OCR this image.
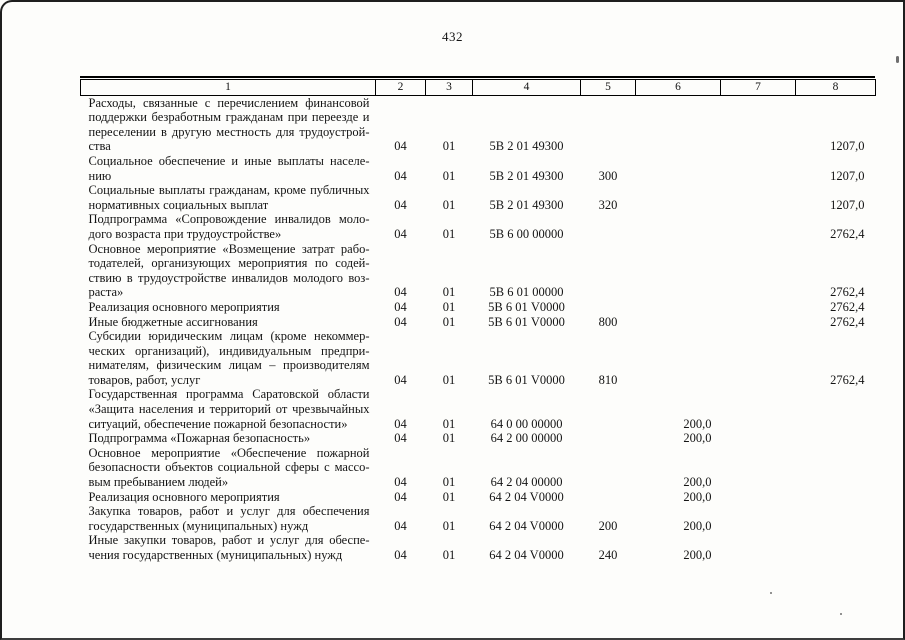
432
1	2	3	4	5	6	7	8
Расходы, связанные с перечислением финансовой поддержки безработным гражданам при переезде и переселении в другую местность для трудоустройства	04	01	5В 2 01 49300				1207,0
Социальное обеспечение и иные выплаты населению	04	01	5В 2 01 49300	300			1207,0
Социальные выплаты гражданам, кроме публичных нормативных социальных выплат	04	01	5В 2 01 49300	320			1207,0
Подпрограмма «Сопровождение инвалидов молодого возраста при трудоустройстве»	04	01	5В 6 00 00000				2762,4
Основное мероприятие «Возмещение затрат работодателей, организующих мероприятия по содействию в трудоустройстве инвалидов молодого возраста»	04	01	5В 6 01 00000				2762,4
Реализация основного мероприятия	04	01	5В 6 01 V0000				2762,4
Иные бюджетные ассигнования	04	01	5В 6 01 V0000	800			2762,4
Субсидии юридическим лицам (кроме некоммерческих организаций), индивидуальным предпринимателям, физическим лицам – производителям товаров, работ, услуг	04	01	5В 6 01 V0000	810			2762,4
Государственная программа Саратовской области «Защита населения и территорий от чрезвычайных ситуаций, обеспечение пожарной безопасности»	04	01	64 0 00 00000		200,0		
Подпрограмма «Пожарная безопасность»	04	01	64 2 00 00000		200,0		
Основное мероприятие «Обеспечение пожарной безопасности объектов социальной сферы с массовым пребыванием людей»	04	01	64 2 04 00000		200,0		
Реализация основного мероприятия	04	01	64 2 04 V0000		200,0		
Закупка товаров, работ и услуг для обеспечения государственных (муниципальных) нужд	04	01	64 2 04 V0000	200	200,0		
Иные закупки товаров, работ и услуг для обеспечения государственных (муниципальных) нужд	04	01	64 2 04 V0000	240	200,0		
